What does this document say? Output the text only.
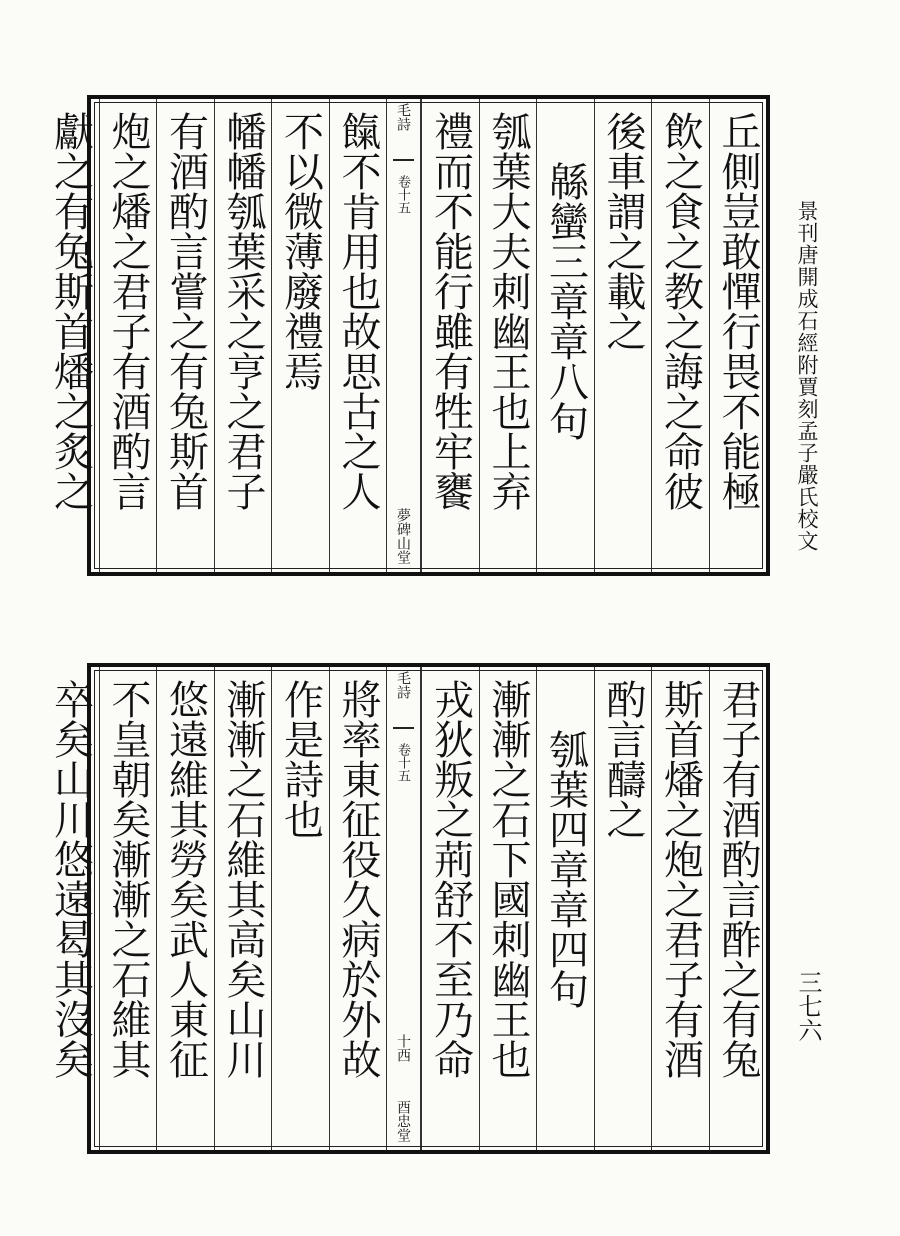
景刊唐開成石經附賈刻孟子嚴氏校文
三七六
丘側豈敢憚行畏不能極
飲之食之教之誨之命彼
後車謂之載之
緜蠻三章章八句
瓠葉大夫刺幽王也上弃
禮而不能行雖有牲牢饔
毛詩
卷十五
夢碑山堂
餼不肯用也故思古之人
不以微薄廢禮焉
幡幡瓠葉采之亨之君子
有酒酌言嘗之有兔斯首
炮之燔之君子有酒酌言
獻之有兔斯首燔之炙之
君子有酒酌言酢之有兔
斯首燔之炮之君子有酒
酌言醻之
瓠葉四章章四句
漸漸之石下國刺幽王也
戎狄叛之荊舒不至乃命
毛詩
卷十五
十西
酉忠堂
將率東征役久病於外故
作是詩也
漸漸之石維其高矣山川
悠遠維其勞矣武人東征
不皇朝矣漸漸之石維其
卒矣山川悠遠曷其沒矣
